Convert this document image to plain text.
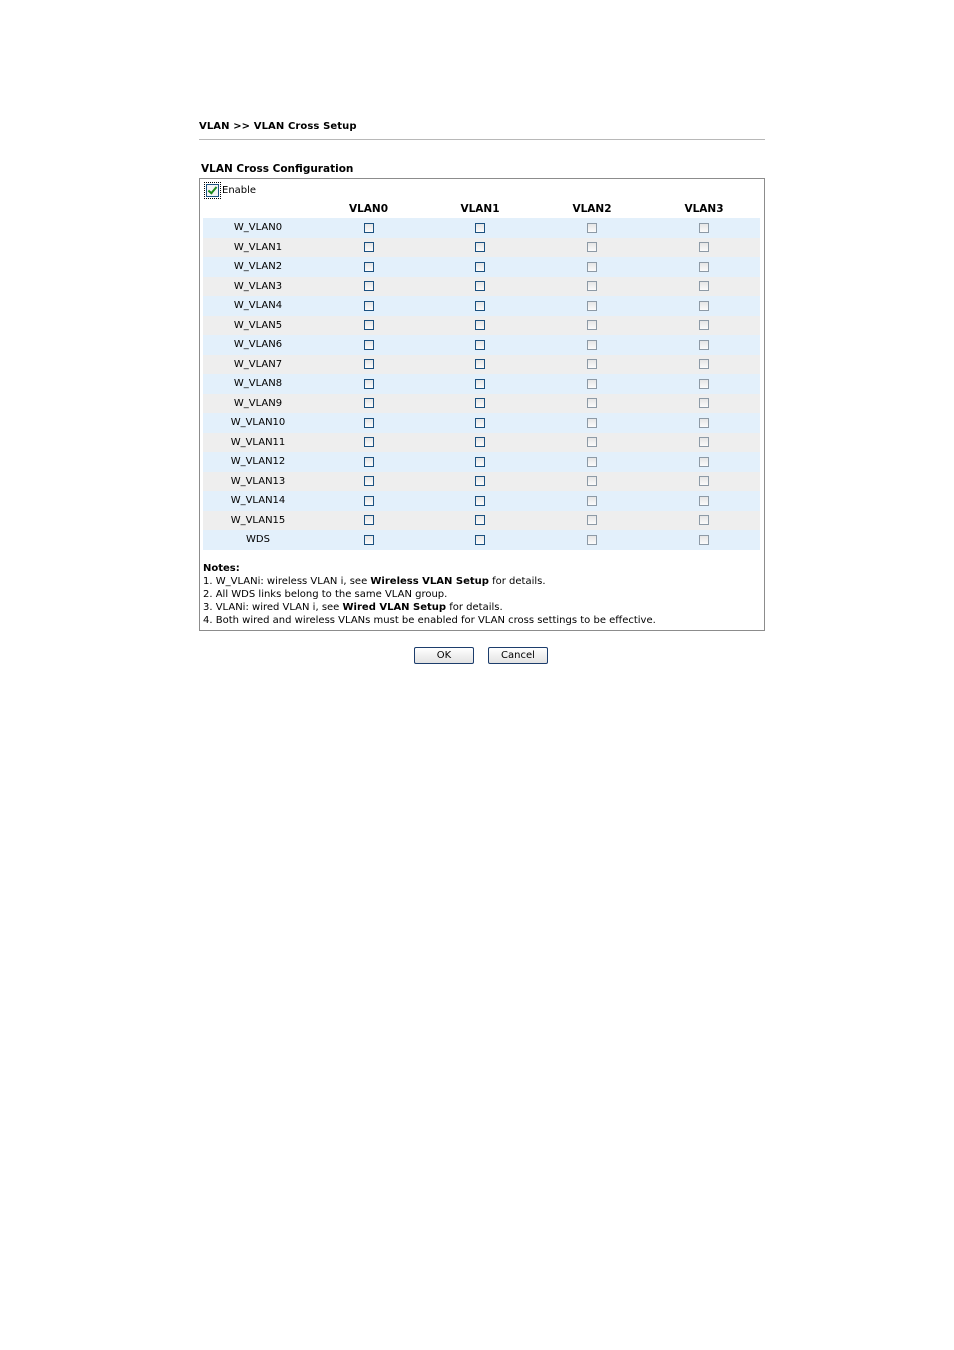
VLAN >> VLAN Cross Setup
VLAN Cross Configuration
Enable
VLAN0	VLAN1	VLAN2	VLAN3
W_VLAN0
W_VLAN1
W_VLAN2
W_VLAN3
W_VLAN4
W_VLAN5
W_VLAN6
W_VLAN7
W_VLAN8
W_VLAN9
W_VLAN10
W_VLAN11
W_VLAN12
W_VLAN13
W_VLAN14
W_VLAN15
WDS
Notes:
1. W_VLANi: wireless VLAN i, see Wireless VLAN Setup for details.
2. All WDS links belong to the same VLAN group.
3. VLANi: wired VLAN i, see Wired VLAN Setup for details.
4. Both wired and wireless VLANs must be enabled for VLAN cross settings to be effective.
OK	Cancel
